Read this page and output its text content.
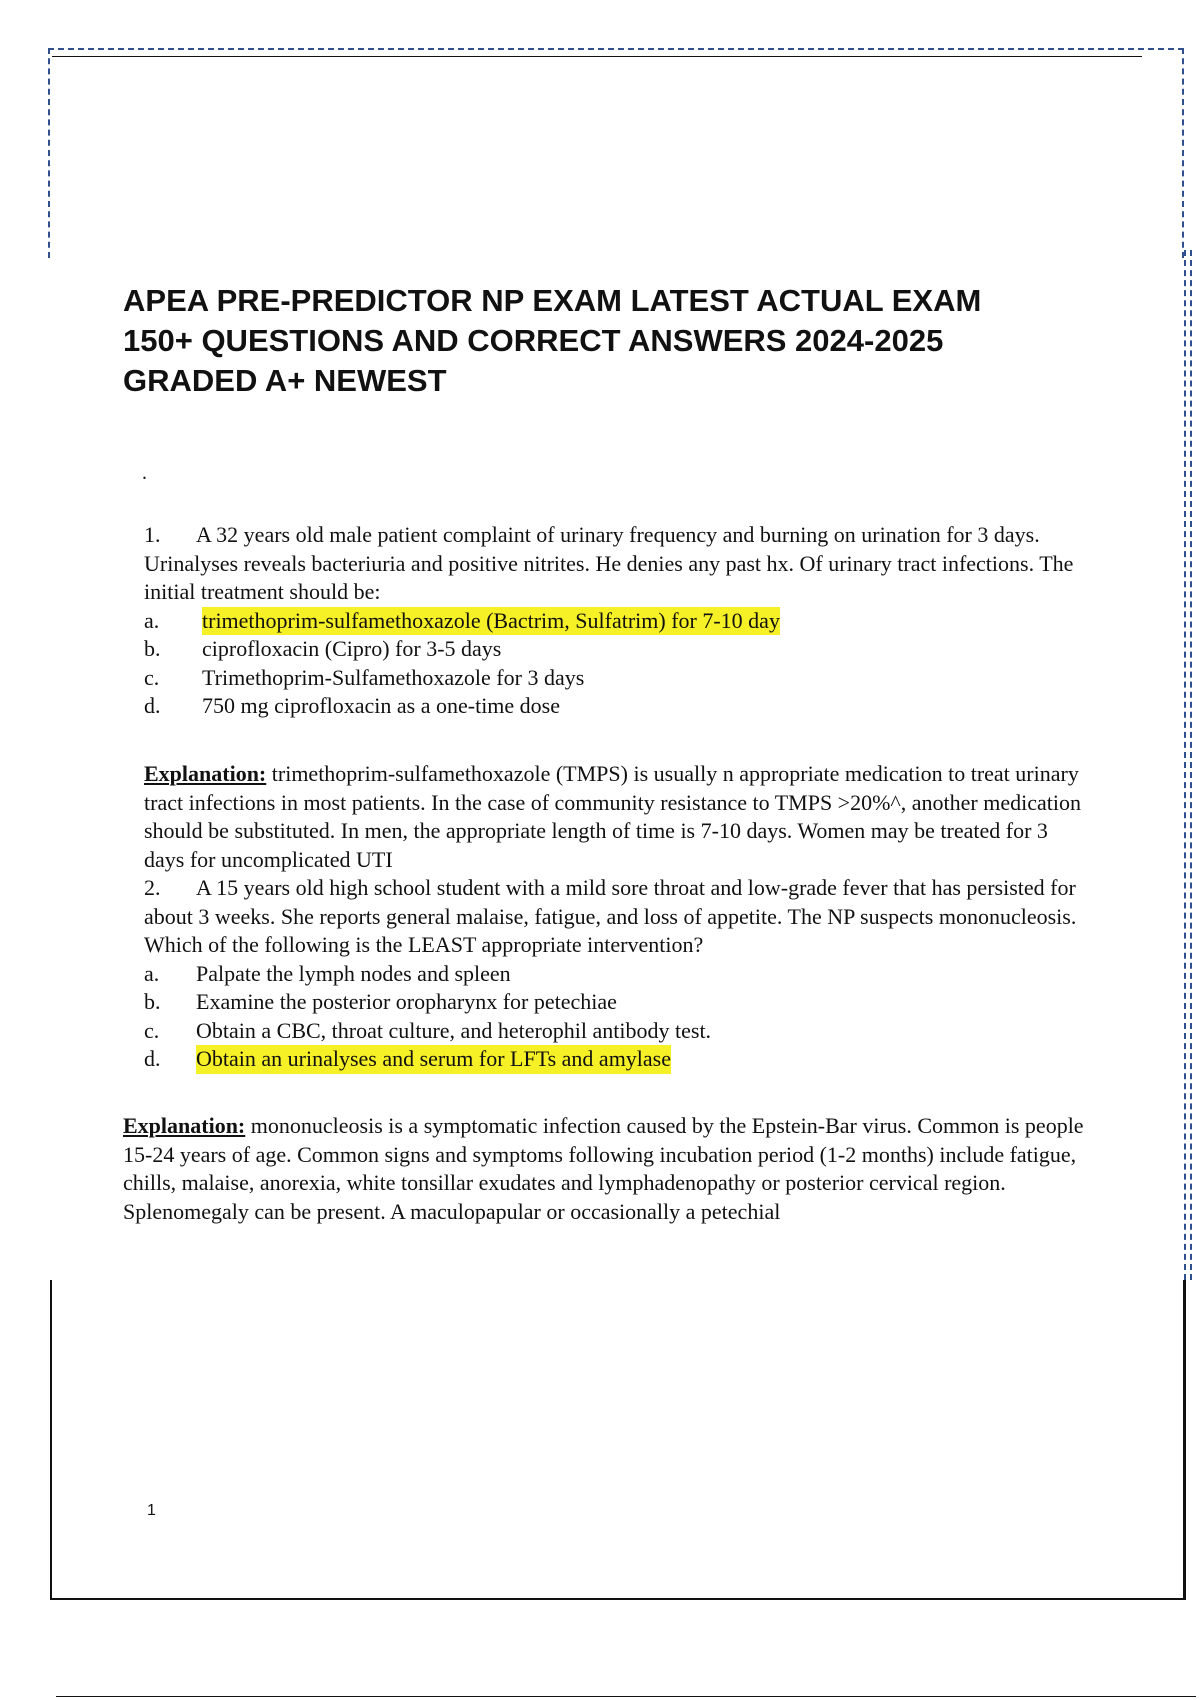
APEA PRE-PREDICTOR NP EXAM LATEST ACTUAL EXAM
150+ QUESTIONS AND CORRECT ANSWERS 2024-2025
GRADED A+ NEWEST
.
1. A 32 years old male patient complaint of urinary frequency and burning on urination for 3 days. Urinalyses reveals bacteriuria and positive nitrites. He denies any past hx. Of urinary tract infections. The initial treatment should be:
a.	trimethoprim-sulfamethoxazole (Bactrim, Sulfatrim) for 7-10 day
b.	ciprofloxacin (Cipro) for 3-5 days
c.	Trimethoprim-Sulfamethoxazole for 3 days
d.	750 mg ciprofloxacin as a one-time dose
Explanation: trimethoprim-sulfamethoxazole (TMPS) is usually n appropriate medication to treat urinary tract infections in most patients. In the case of community resistance to TMPS >20%^, another medication should be substituted. In men, the appropriate length of time is 7-10 days. Women may be treated for 3 days for uncomplicated UTI
2. A 15 years old high school student with a mild sore throat and low-grade fever that has persisted for about 3 weeks. She reports general malaise, fatigue, and loss of appetite. The NP suspects mononucleosis. Which of the following is the LEAST appropriate intervention?
a.	Palpate the lymph nodes and spleen
b.	Examine the posterior oropharynx for petechiae
c.	Obtain a CBC, throat culture, and heterophil antibody test.
d.	Obtain an urinalyses and serum for LFTs and amylase
Explanation: mononucleosis is a symptomatic infection caused by the Epstein-Bar virus. Common is people 15-24 years of age. Common signs and symptoms following incubation period (1-2 months) include fatigue, chills, malaise, anorexia, white tonsillar exudates and lymphadenopathy or posterior cervical region. Splenomegaly can be present. A maculopapular or occasionally a petechial
1
